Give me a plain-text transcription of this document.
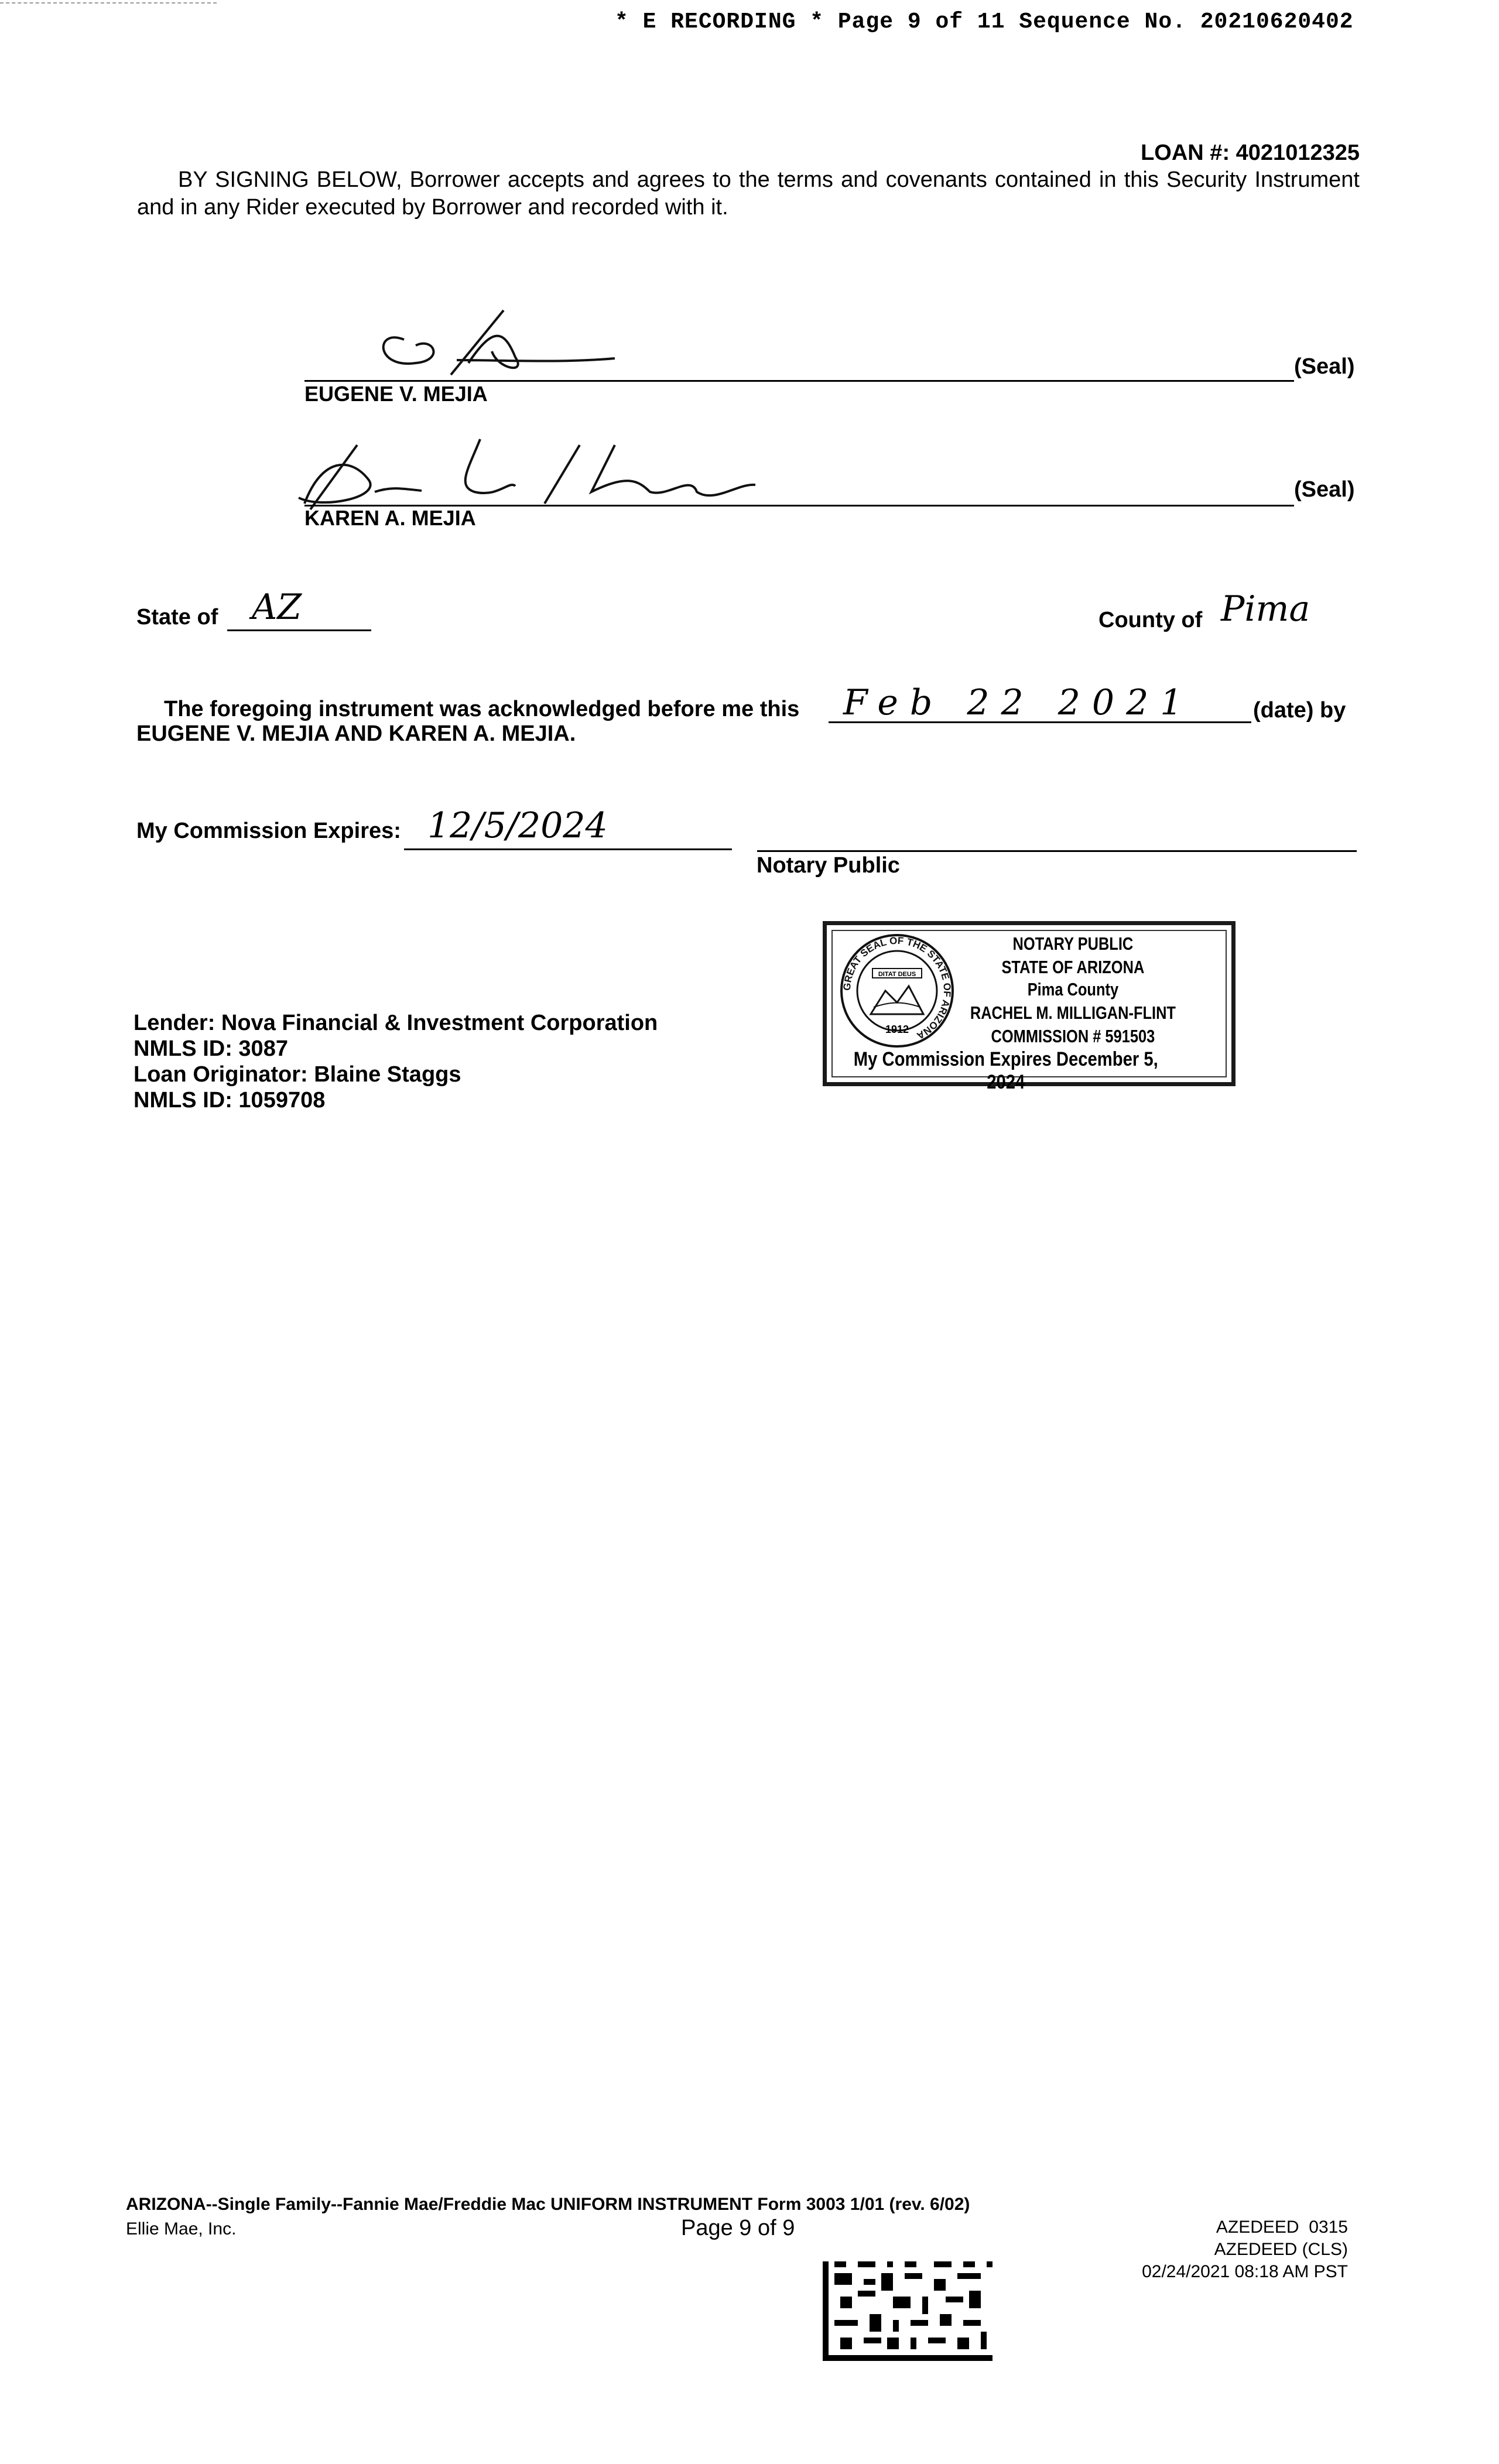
* E RECORDING * Page 9 of 11 Sequence No. 20210620402
LOAN #: 4021012325
BY SIGNING BELOW, Borrower accepts and agrees to the terms and covenants contained in this Security Instrument and in any Rider executed by Borrower and recorded with it.
(Seal)
EUGENE V. MEJIA
(Seal)
KAREN A. MEJIA
State of AZ	County of Pima
The foregoing instrument was acknowledged before me this Feb 22 2021	(date) by
EUGENE V. MEJIA AND KAREN A. MEJIA.
My Commission Expires: 12/5/2024
Notary Public
GREAT SEAL OF THE STATE OF ARIZONA
DITAT DEUS
1912
NOTARY PUBLIC
STATE OF ARIZONA
Pima County
RACHEL M. MILLIGAN-FLINT
COMMISSION # 591503
My Commission Expires December 5, 2024
Lender: Nova Financial & Investment Corporation
NMLS ID: 3087
Loan Originator: Blaine Staggs
NMLS ID: 1059708
ARIZONA--Single Family--Fannie Mae/Freddie Mac UNIFORM INSTRUMENT Form 3003 1/01 (rev. 6/02)
Ellie Mae, Inc.	Page 9 of 9	AZEDEED  0315
AZEDEED (CLS)
02/24/2021 08:18 AM PST
